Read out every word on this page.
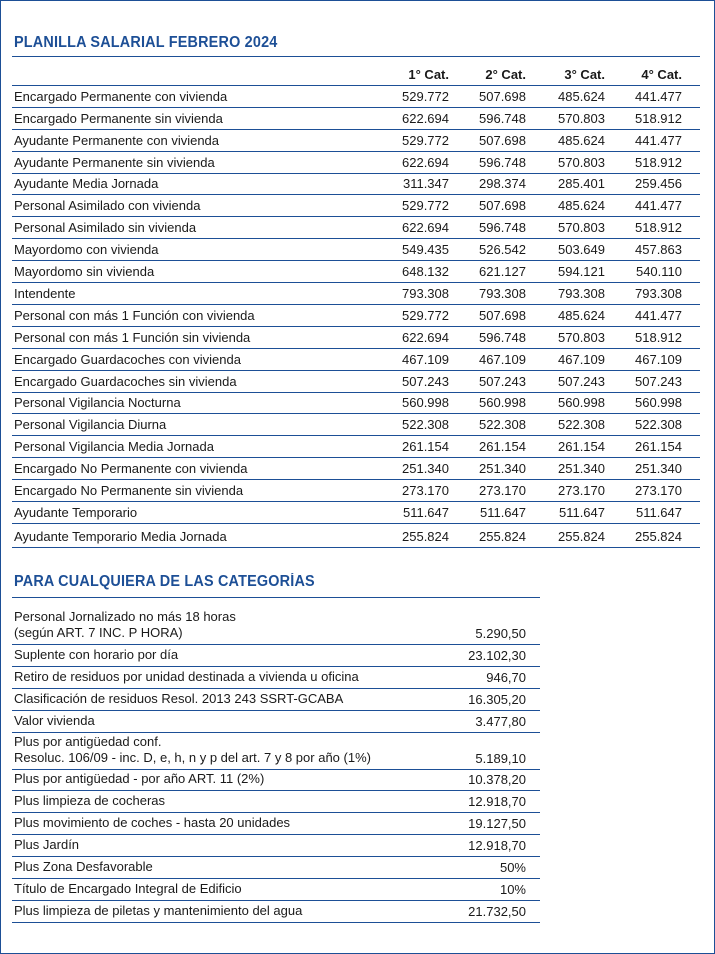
PLANILLA SALARIAL FEBRERO 2024
1° Cat.	2° Cat.	3° Cat.	4° Cat.
Encargado Permanente con vivienda	529.772	507.698	485.624	441.477
Encargado Permanente sin vivienda	622.694	596.748	570.803	518.912
Ayudante Permanente con vivienda	529.772	507.698	485.624	441.477
Ayudante Permanente sin vivienda	622.694	596.748	570.803	518.912
Ayudante Media Jornada	311.347	298.374	285.401	259.456
Personal Asimilado con vivienda	529.772	507.698	485.624	441.477
Personal Asimilado sin vivienda	622.694	596.748	570.803	518.912
Mayordomo con vivienda	549.435	526.542	503.649	457.863
Mayordomo sin vivienda	648.132	621.127	594.121	540.110
Intendente	793.308	793.308	793.308	793.308
Personal con más 1 Función con vivienda	529.772	507.698	485.624	441.477
Personal con más 1 Función sin vivienda	622.694	596.748	570.803	518.912
Encargado Guardacoches con vivienda	467.109	467.109	467.109	467.109
Encargado Guardacoches sin vivienda	507.243	507.243	507.243	507.243
Personal Vigilancia Nocturna	560.998	560.998	560.998	560.998
Personal Vigilancia Diurna	522.308	522.308	522.308	522.308
Personal Vigilancia Media Jornada	261.154	261.154	261.154	261.154
Encargado No Permanente con vivienda	251.340	251.340	251.340	251.340
Encargado No Permanente sin vivienda	273.170	273.170	273.170	273.170
Ayudante Temporario	511.647	511.647	511.647	511.647
Ayudante Temporario Media Jornada	255.824	255.824	255.824	255.824
PARA CUALQUIERA DE LAS CATEGORÍAS
Personal Jornalizado no más 18 horas
(según ART. 7 INC. P HORA)	5.290,50
Suplente con horario por día	23.102,30
Retiro de residuos por unidad destinada a vivienda u oficina	946,70
Clasificación de residuos Resol. 2013 243 SSRT-GCABA	16.305,20
Valor vivienda	3.477,80
Plus por antigüedad conf.
Resoluc. 106/09 - inc. D, e, h, n y p del art. 7 y 8 por año (1%)	5.189,10
Plus por antigüedad - por año ART. 11 (2%)	10.378,20
Plus limpieza de cocheras	12.918,70
Plus movimiento de coches - hasta 20 unidades	19.127,50
Plus Jardín	12.918,70
Plus Zona Desfavorable	50%
Título de Encargado Integral de Edificio	10%
Plus limpieza de piletas y mantenimiento del agua	21.732,50
